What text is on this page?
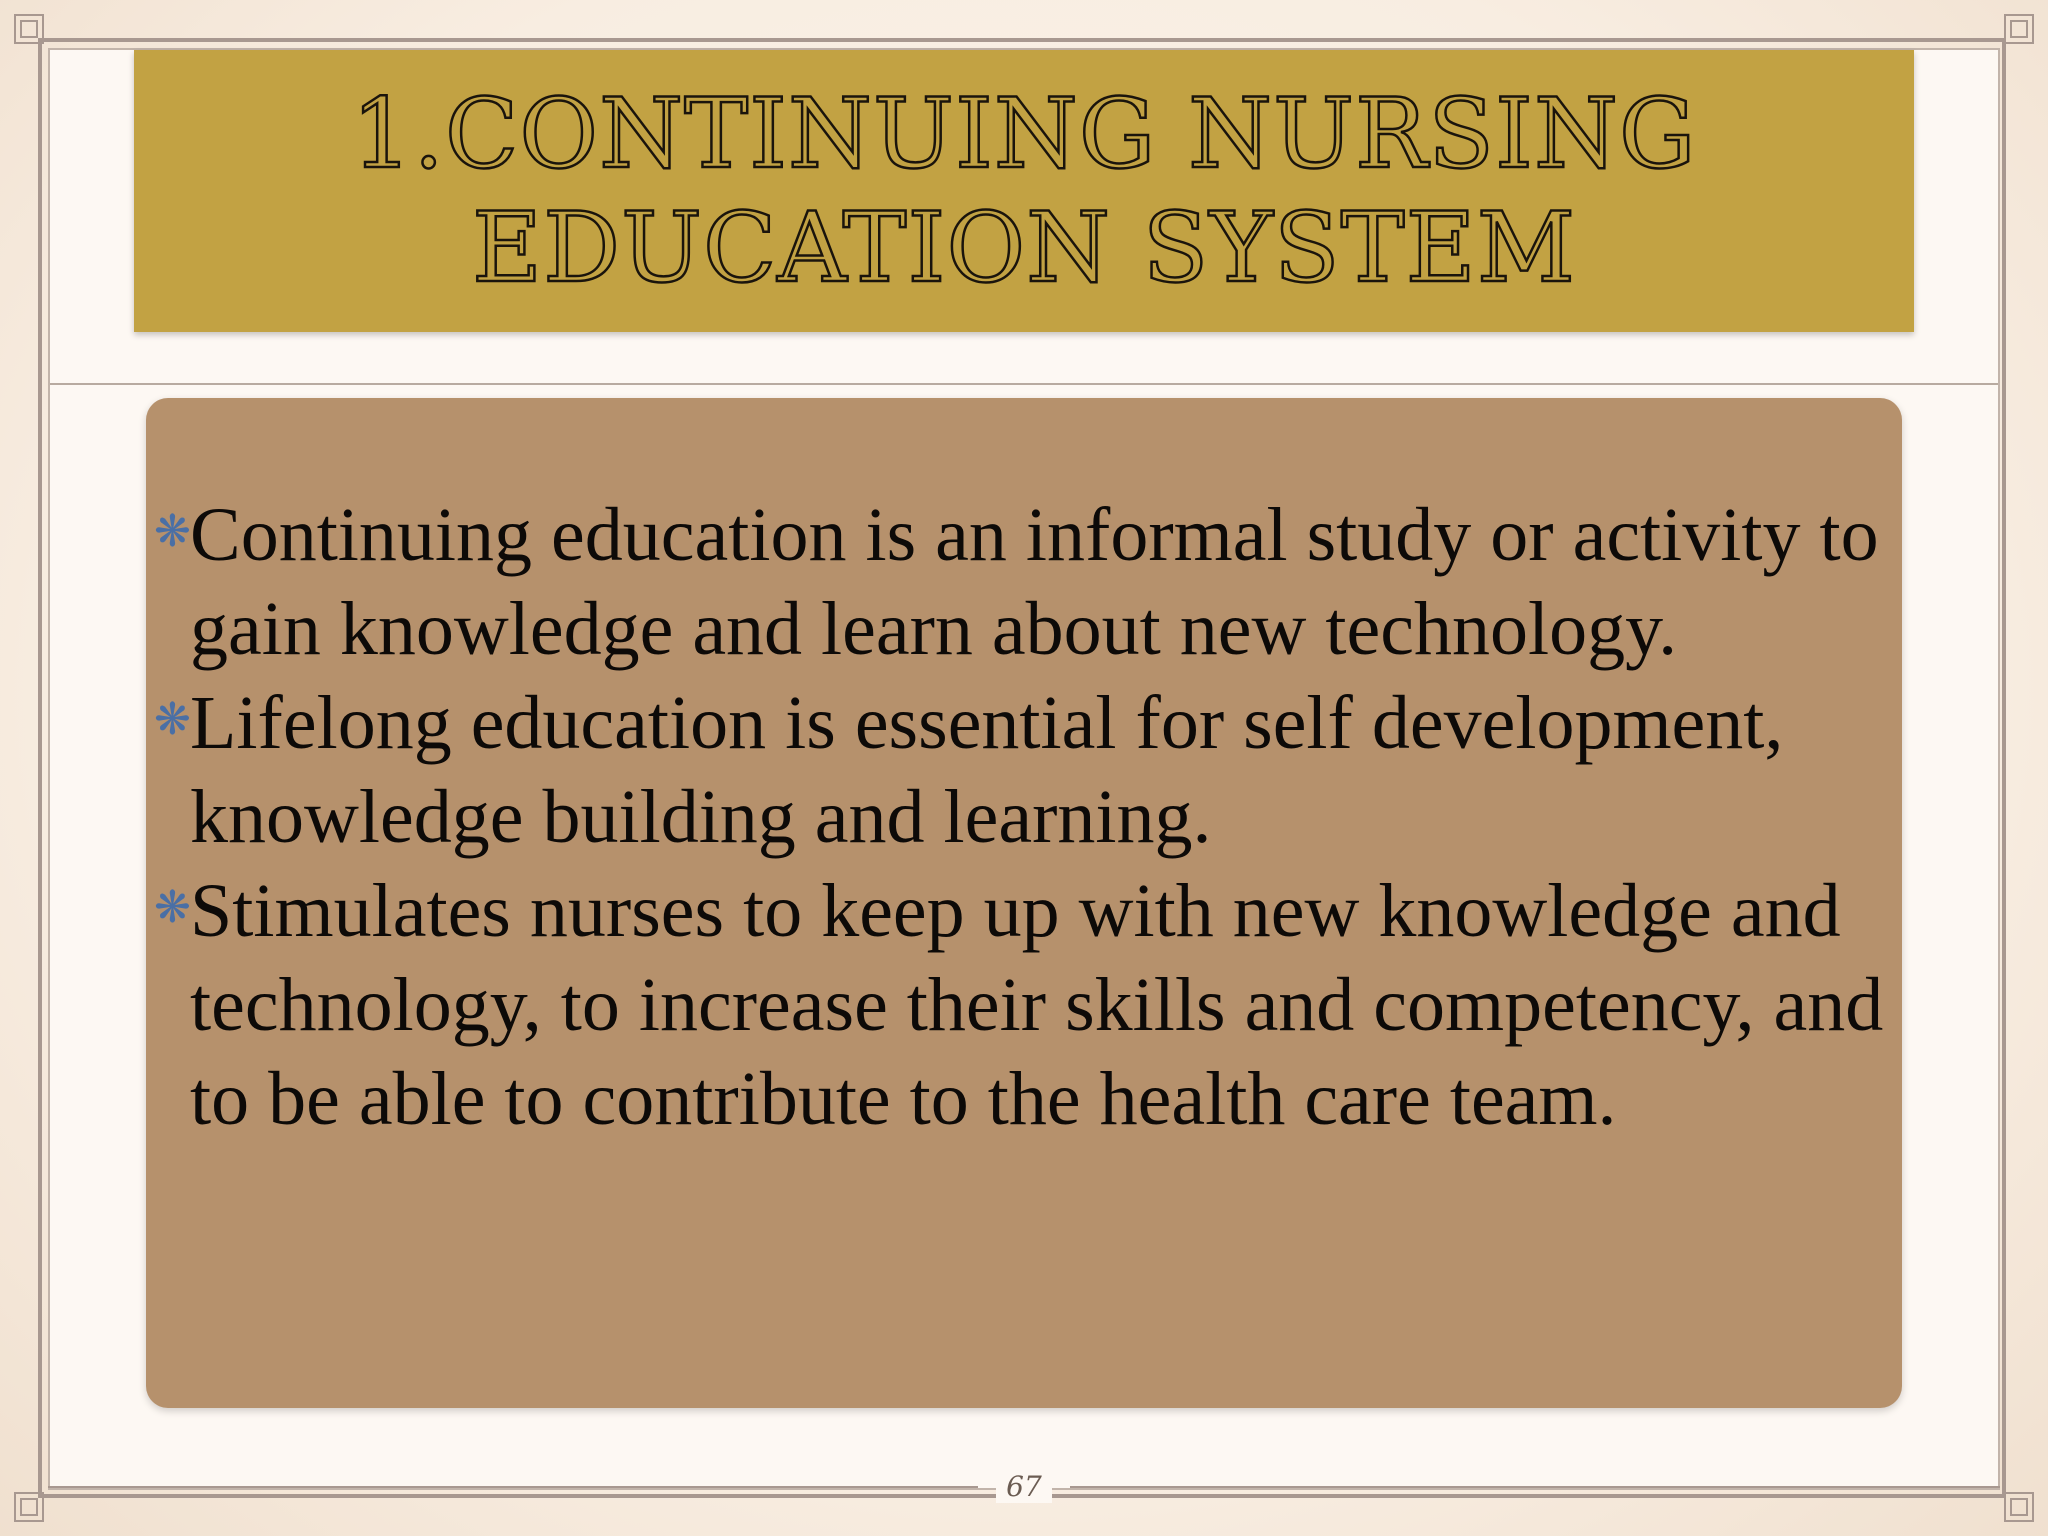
1.CONTINUING NURSING
EDUCATION SYSTEM
❋ Continuing education is an informal study or activity to gain knowledge and learn about new technology.
❋ Lifelong education is essential for self development, knowledge building and learning.
❋ Stimulates nurses to keep up with new knowledge and technology, to increase their skills and competency, and to be able to contribute to the health care team.
67
